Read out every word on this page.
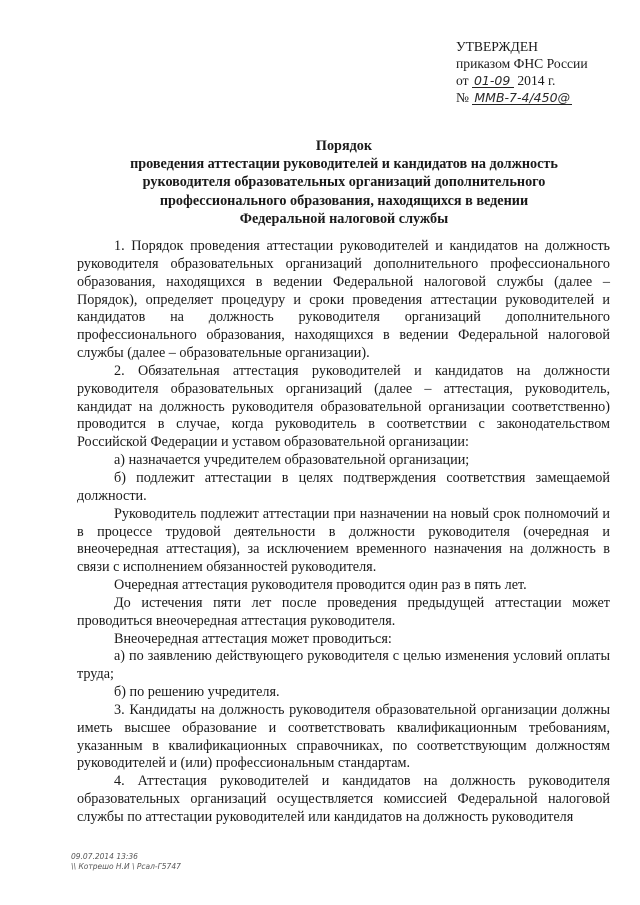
УТВЕРЖДЕН
приказом ФНС России
от 01-09 2014 г.
№ ММВ-7-4/450@
Порядок
проведения аттестации руководителей и кандидатов на должность
руководителя образовательных организаций дополнительного
профессионального образования, находящихся в ведении
Федеральной налоговой службы

1. Порядок проведения аттестации руководителей и кандидатов на должность руководителя образовательных организаций дополнительного профессионального образования, находящихся в ведении Федеральной налоговой службы (далее – Порядок), определяет процедуру и сроки проведения аттестации руководителей и кандидатов на должность руководителя организаций дополнительного профессионального образования, находящихся в ведении Федеральной налоговой службы (далее – образовательные организации).

2. Обязательная аттестация руководителей и кандидатов на должности руководителя образовательных организаций (далее – аттестация, руководитель, кандидат на должность руководителя образовательной организации соответственно) проводится в случае, когда руководитель в соответствии с законодательством Российской Федерации и уставом образовательной организации:

а) назначается учредителем образовательной организации;

б) подлежит аттестации в целях подтверждения соответствия замещаемой должности.

Руководитель подлежит аттестации при назначении на новый срок полномочий и в процессе трудовой деятельности в должности руководителя (очередная и внеочередная аттестация), за исключением временного назначения на должность в связи с исполнением обязанностей руководителя.

Очередная аттестация руководителя проводится один раз в пять лет.

До истечения пяти лет после проведения предыдущей аттестации может проводиться внеочередная аттестация руководителя.

Внеочередная аттестация может проводиться:

а) по заявлению действующего руководителя с целью изменения условий оплаты труда;

б) по решению учредителя.

3. Кандидаты на должность руководителя образовательной организации должны иметь высшее образование и соответствовать квалификационным требованиям, указанным в квалификационных справочниках, по соответствующим должностям руководителей и (или) профессиональным стандартам.

4. Аттестация руководителей и кандидатов на должность руководителя образовательных организаций осуществляется комиссией Федеральной налоговой службы по аттестации руководителей или кандидатов на должность руководителя

09.07.2014 13:36
\\ Котрешо Н.И \ Рсал-Г5747
